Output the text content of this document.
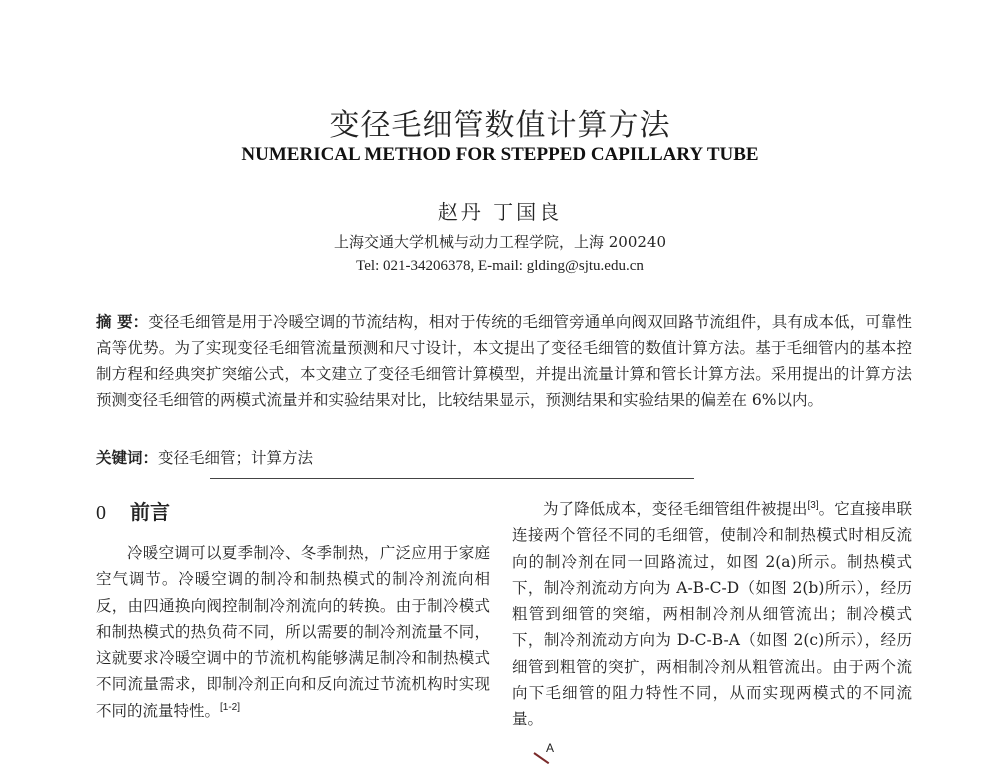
变径毛细管数值计算方法
NUMERICAL METHOD FOR STEPPED CAPILLARY TUBE
赵丹 丁国良
上海交通大学机械与动力工程学院，上海 200240
Tel: 021-34206378, E-mail: glding@sjtu.edu.cn
摘 要：变径毛细管是用于冷暖空调的节流结构，相对于传统的毛细管旁通单向阀双回路节流组件，具有成本低，可靠性高等优势。为了实现变径毛细管流量预测和尺寸设计，本文提出了变径毛细管的数值计算方法。基于毛细管内的基本控制方程和经典突扩突缩公式，本文建立了变径毛细管计算模型，并提出流量计算和管长计算方法。采用提出的计算方法预测变径毛细管的两模式流量并和实验结果对比，比较结果显示，预测结果和实验结果的偏差在 6%以内。
关键词：变径毛细管；计算方法
0 前言

冷暖空调可以夏季制冷、冬季制热，广泛应用于家庭空气调节。冷暖空调的制冷和制热模式的制冷剂流向相反，由四通换向阀控制制冷剂流向的转换。由于制冷模式和制热模式的热负荷不同，所以需要的制冷剂流量不同，这就要求冷暖空调中的节流机构能够满足制冷和制热模式不同流量需求，即制冷剂正向和反向流过节流机构时实现不同的流量特性。[1-2]

为了降低成本，变径毛细管组件被提出[3]。它直接串联连接两个管径不同的毛细管，使制冷和制热模式时相反流向的制冷剂在同一回路流过，如图 2(a)所示。制热模式下，制冷剂流动方向为 A-B-C-D（如图 2(b)所示），经历粗管到细管的突缩，两相制冷剂从细管流出；制冷模式下，制冷剂流动方向为 D-C-B-A（如图 2(c)所示），经历细管到粗管的突扩，两相制冷剂从粗管流出。由于两个流向下毛细管的阻力特性不同，从而实现两模式的不同流量。

A
